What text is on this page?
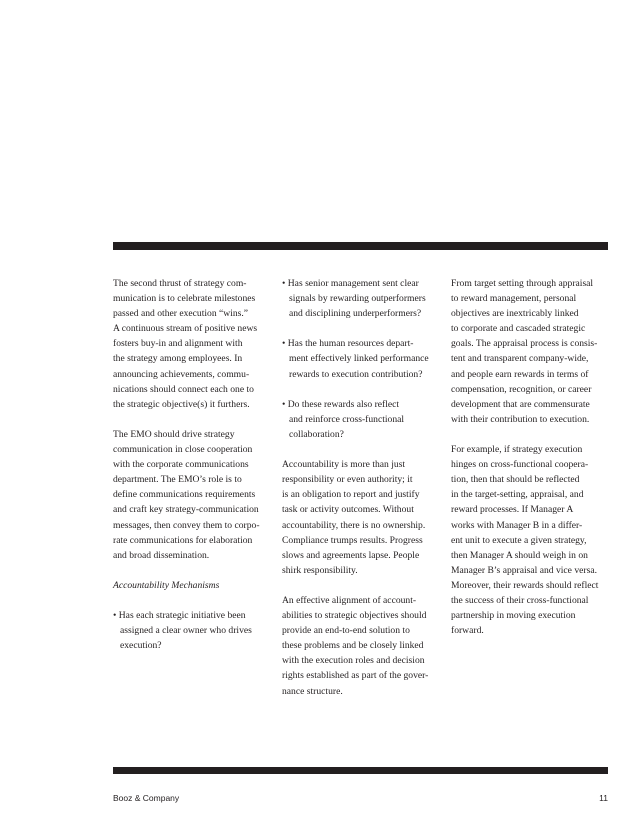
The second thrust of strategy com-
munication is to celebrate milestones
passed and other execution “wins.”
A continuous stream of positive news
fosters buy-in and alignment with
the strategy among employees. In
announcing achievements, commu-
nications should connect each one to
the strategic objective(s) it furthers.
The EMO should drive strategy
communication in close cooperation
with the corporate communications
department. The EMO’s role is to
define communications requirements
and craft key strategy-communication
messages, then convey them to corpo-
rate communications for elaboration
and broad dissemination.
Accountability Mechanisms
• Has each strategic initiative been
assigned a clear owner who drives
execution?
• Has senior management sent clear
signals by rewarding outperformers
and disciplining underperformers?
• Has the human resources depart-
ment effectively linked performance
rewards to execution contribution?
• Do these rewards also reflect
and reinforce cross-functional
collaboration?
Accountability is more than just
responsibility or even authority; it
is an obligation to report and justify
task or activity outcomes. Without
accountability, there is no ownership.
Compliance trumps results. Progress
slows and agreements lapse. People
shirk responsibility.
An effective alignment of account-
abilities to strategic objectives should
provide an end-to-end solution to
these problems and be closely linked
with the execution roles and decision
rights established as part of the gover-
nance structure.
From target setting through appraisal
to reward management, personal
objectives are inextricably linked
to corporate and cascaded strategic
goals. The appraisal process is consis-
tent and transparent company-wide,
and people earn rewards in terms of
compensation, recognition, or career
development that are commensurate
with their contribution to execution.
For example, if strategy execution
hinges on cross-functional coopera-
tion, then that should be reflected
in the target-setting, appraisal, and
reward processes. If Manager A
works with Manager B in a differ-
ent unit to execute a given strategy,
then Manager A should weigh in on
Manager B’s appraisal and vice versa.
Moreover, their rewards should reflect
the success of their cross-functional
partnership in moving execution
forward.
Booz & Company	11
